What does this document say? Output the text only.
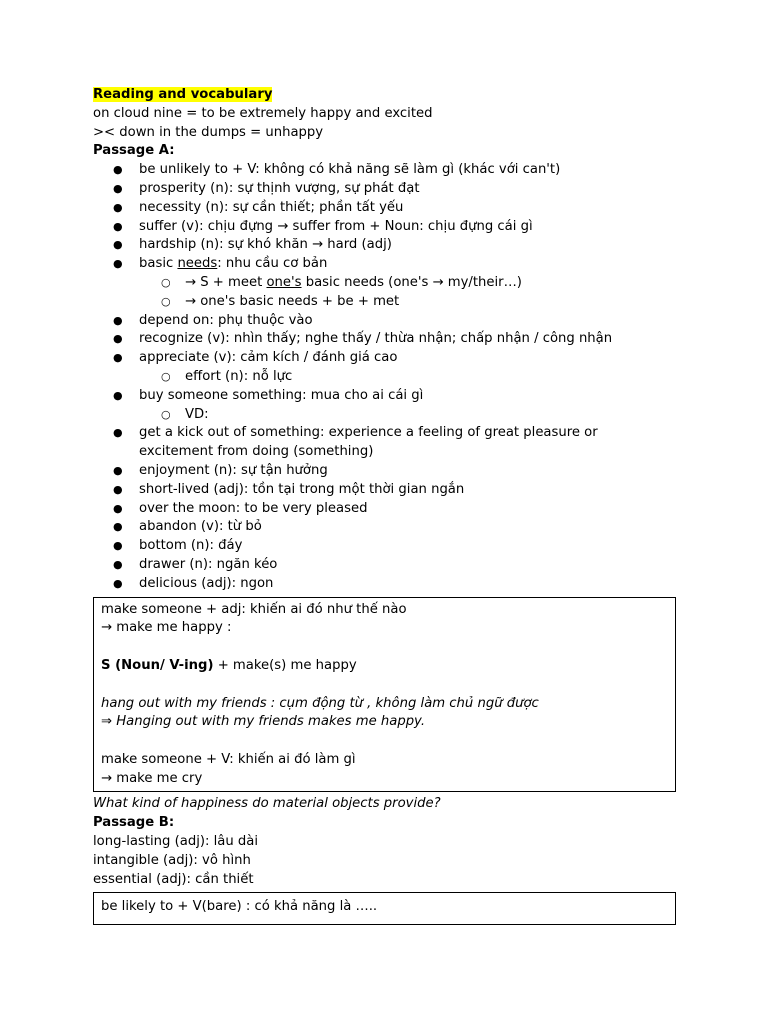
Reading and vocabulary
on cloud nine = to be extremely happy and excited
>< down in the dumps = unhappy
Passage A:
● be unlikely to + V: không có khả năng sẽ làm gì (khác với can't)
● prosperity (n): sự thịnh vượng, sự phát đạt
● necessity (n): sự cần thiết; phần tất yếu
● suffer (v): chịu đựng → suffer from + Noun: chịu đựng cái gì
● hardship (n): sự khó khăn → hard (adj)
● basic needs: nhu cầu cơ bản
○ → S + meet one's basic needs (one's → my/their…)
○ → one's basic needs + be + met
● depend on: phụ thuộc vào
● recognize (v): nhìn thấy; nghe thấy / thừa nhận; chấp nhận / công nhận
● appreciate (v): cảm kích / đánh giá cao
○ effort (n): nỗ lực
● buy someone something: mua cho ai cái gì
○ VD:
● get a kick out of something: experience a feeling of great pleasure or
excitement from doing (something)
● enjoyment (n): sự tận hưởng
● short-lived (adj): tồn tại trong một thời gian ngắn
● over the moon: to be very pleased
● abandon (v): từ bỏ
● bottom (n): đáy
● drawer (n): ngăn kéo
● delicious (adj): ngon
make someone + adj: khiến ai đó như thế nào
→ make me happy :
S (Noun/ V-ing) + make(s) me happy
hang out with my friends : cụm động từ , không làm chủ ngữ được
⇒ Hanging out with my friends makes me happy.
make someone + V: khiến ai đó làm gì
→ make me cry
What kind of happiness do material objects provide?
Passage B:
long-lasting (adj): lâu dài
intangible (adj): vô hình
essential (adj): cần thiết
be likely to + V(bare) : có khả năng là …..
